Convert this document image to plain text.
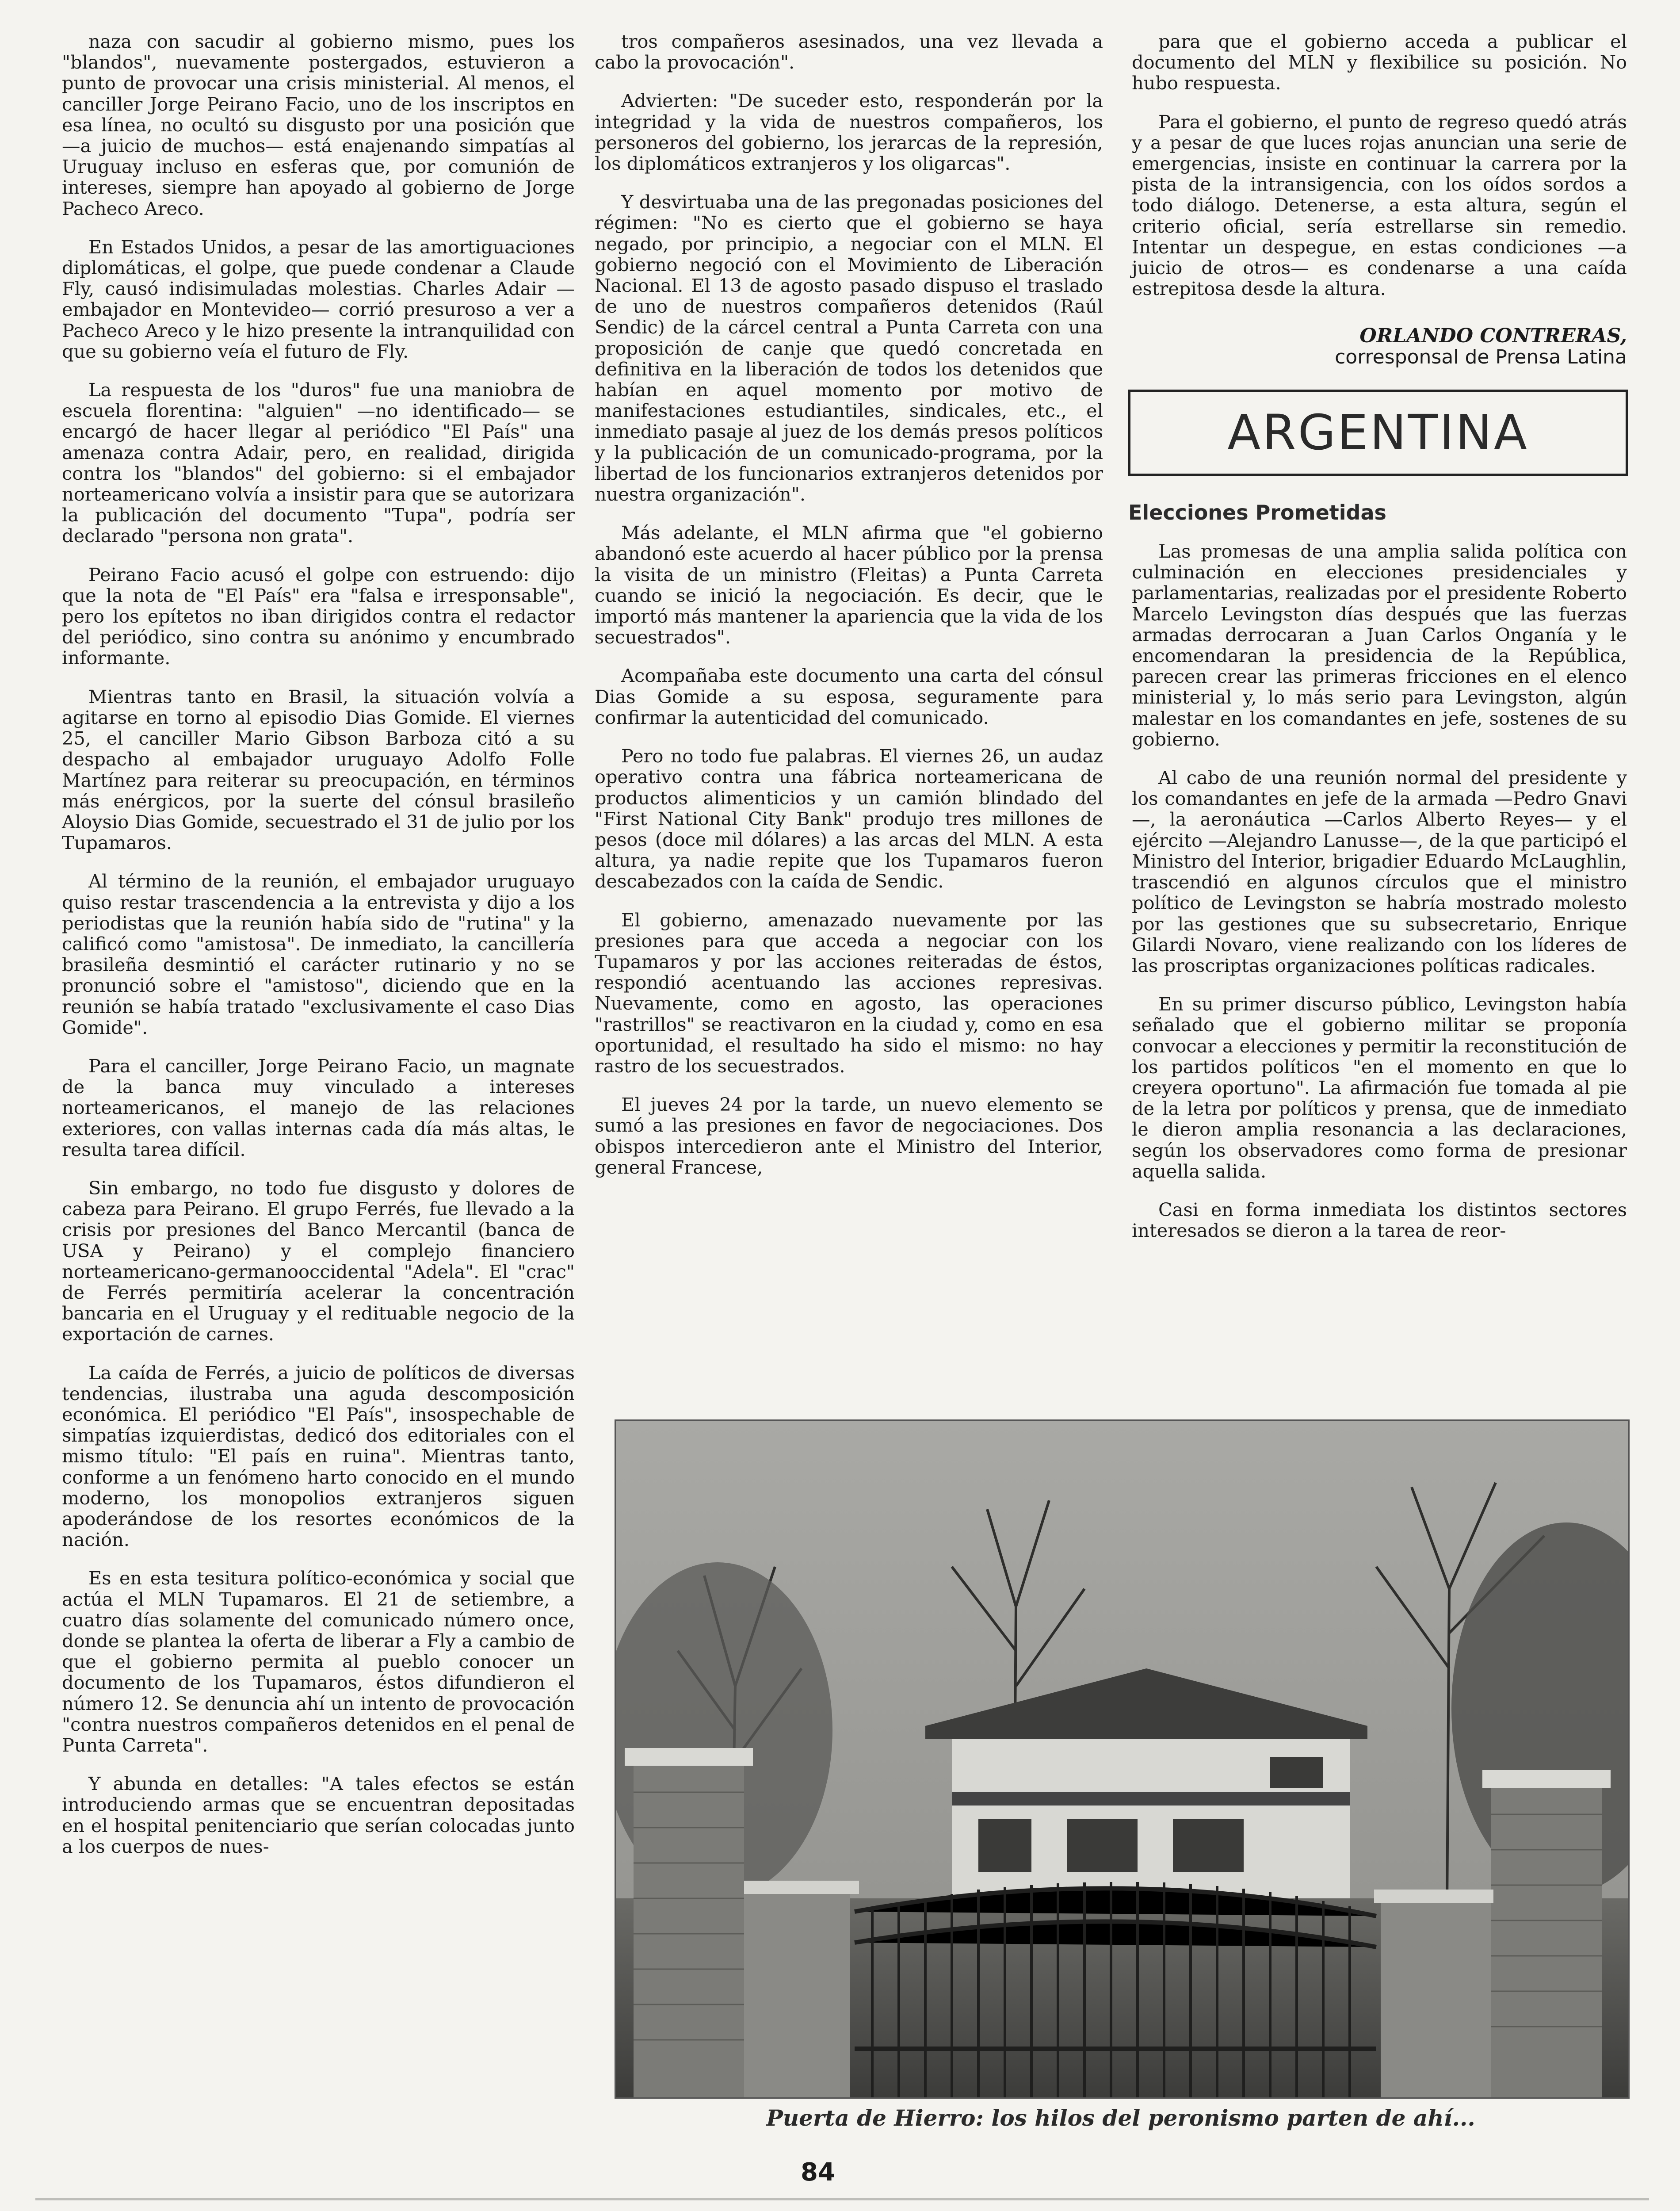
naza con sacudir al gobierno mismo, pues los "blandos", nuevamente postergados, estuvieron a punto de provocar una crisis ministerial. Al menos, el canciller Jorge Peirano Facio, uno de los inscriptos en esa línea, no ocultó su disgusto por una posición que —a juicio de muchos— está enajenando simpatías al Uruguay incluso en esferas que, por comunión de intereses, siempre han apoyado al gobierno de Jorge Pacheco Areco.

En Estados Unidos, a pesar de las amortiguaciones diplomáticas, el golpe, que puede condenar a Claude Fly, causó indisimuladas molestias. Charles Adair —embajador en Montevideo— corrió presuroso a ver a Pacheco Areco y le hizo presente la intranquilidad con que su gobierno veía el futuro de Fly.

La respuesta de los "duros" fue una maniobra de escuela florentina: "alguien" —no identificado— se encargó de hacer llegar al periódico "El País" una amenaza contra Adair, pero, en realidad, dirigida contra los "blandos" del gobierno: si el embajador norteamericano volvía a insistir para que se autorizara la publicación del documento "Tupa", podría ser declarado "persona non grata".

Peirano Facio acusó el golpe con estruendo: dijo que la nota de "El País" era "falsa e irresponsable", pero los epítetos no iban dirigidos contra el redactor del periódico, sino contra su anónimo y encumbrado informante.

Mientras tanto en Brasil, la situación volvía a agitarse en torno al episodio Dias Gomide. El viernes 25, el canciller Mario Gibson Barboza citó a su despacho al embajador uruguayo Adolfo Folle Martínez para reiterar su preocupación, en términos más enérgicos, por la suerte del cónsul brasileño Aloysio Dias Gomide, secuestrado el 31 de julio por los Tupamaros.

Al término de la reunión, el embajador uruguayo quiso restar trascendencia a la entrevista y dijo a los periodistas que la reunión había sido de "rutina" y la calificó como "amistosa". De inmediato, la cancillería brasileña desmintió el carácter rutinario y no se pronunció sobre el "amistoso", diciendo que en la reunión se había tratado "exclusivamente el caso Dias Gomide".

Para el canciller, Jorge Peirano Facio, un magnate de la banca muy vinculado a intereses norteamericanos, el manejo de las relaciones exteriores, con vallas internas cada día más altas, le resulta tarea difícil.

Sin embargo, no todo fue disgusto y dolores de cabeza para Peirano. El grupo Ferrés, fue llevado a la crisis por presiones del Banco Mercantil (banca de USA y Peirano) y el complejo financiero norteamericano-germanooccidental "Adela". El "crac" de Ferrés permitiría acelerar la concentración bancaria en el Uruguay y el redituable negocio de la exportación de carnes.

La caída de Ferrés, a juicio de políticos de diversas tendencias, ilustraba una aguda descomposición económica. El periódico "El País", insospechable de simpatías izquierdistas, dedicó dos editoriales con el mismo título: "El país en ruina". Mientras tanto, conforme a un fenómeno harto conocido en el mundo moderno, los monopolios extranjeros siguen apoderándose de los resortes económicos de la nación.

Es en esta tesitura político-económica y social que actúa el MLN Tupamaros. El 21 de setiembre, a cuatro días solamente del comunicado número once, donde se plantea la oferta de liberar a Fly a cambio de que el gobierno permita al pueblo conocer un documento de los Tupamaros, éstos difundieron el número 12. Se denuncia ahí un intento de provocación "contra nuestros compañeros detenidos en el penal de Punta Carreta".

Y abunda en detalles: "A tales efectos se están introduciendo armas que se encuentran depositadas en el hospital penitenciario que serían colocadas junto a los cuerpos de nues-

tros compañeros asesinados, una vez llevada a cabo la provocación".

Advierten: "De suceder esto, responderán por la integridad y la vida de nuestros compañeros, los personeros del gobierno, los jerarcas de la represión, los diplomáticos extranjeros y los oligarcas".

Y desvirtuaba una de las pregonadas posiciones del régimen: "No es cierto que el gobierno se haya negado, por principio, a negociar con el MLN. El gobierno negoció con el Movimiento de Liberación Nacional. El 13 de agosto pasado dispuso el traslado de uno de nuestros compañeros detenidos (Raúl Sendic) de la cárcel central a Punta Carreta con una proposición de canje que quedó concretada en definitiva en la liberación de todos los detenidos que habían en aquel momento por motivo de manifestaciones estudiantiles, sindicales, etc., el inmediato pasaje al juez de los demás presos políticos y la publicación de un comunicado-programa, por la libertad de los funcionarios extranjeros detenidos por nuestra organización".

Más adelante, el MLN afirma que "el gobierno abandonó este acuerdo al hacer público por la prensa la visita de un ministro (Fleitas) a Punta Carreta cuando se inició la negociación. Es decir, que le importó más mantener la apariencia que la vida de los secuestrados".

Acompañaba este documento una carta del cónsul Dias Gomide a su esposa, seguramente para confirmar la autenticidad del comunicado.

Pero no todo fue palabras. El viernes 26, un audaz operativo contra una fábrica norteamericana de productos alimenticios y un camión blindado del "First National City Bank" produjo tres millones de pesos (doce mil dólares) a las arcas del MLN. A esta altura, ya nadie repite que los Tupamaros fueron descabezados con la caída de Sendic.

El gobierno, amenazado nuevamente por las presiones para que acceda a negociar con los Tupamaros y por las acciones reiteradas de éstos, respondió acentuando las acciones represivas. Nuevamente, como en agosto, las operaciones "rastrillos" se reactivaron en la ciudad y, como en esa oportunidad, el resultado ha sido el mismo: no hay rastro de los secuestrados.

El jueves 24 por la tarde, un nuevo elemento se sumó a las presiones en favor de negociaciones. Dos obispos intercedieron ante el Ministro del Interior, general Francese,

para que el gobierno acceda a publicar el documento del MLN y flexibilice su posición. No hubo respuesta.

Para el gobierno, el punto de regreso quedó atrás y a pesar de que luces rojas anuncian una serie de emergencias, insiste en continuar la carrera por la pista de la intransigencia, con los oídos sordos a todo diálogo. Detenerse, a esta altura, según el criterio oficial, sería estrellarse sin remedio. Intentar un despegue, en estas condiciones —a juicio de otros— es condenarse a una caída estrepitosa desde la altura.

ORLANDO CONTRERAS,
corresponsal de Prensa Latina
ARGENTINA
Elecciones Prometidas

Las promesas de una amplia salida política con culminación en elecciones presidenciales y parlamentarias, realizadas por el presidente Roberto Marcelo Levingston días después que las fuerzas armadas derrocaran a Juan Carlos Onganía y le encomendaran la presidencia de la República, parecen crear las primeras fricciones en el elenco ministerial y, lo más serio para Levingston, algún malestar en los comandantes en jefe, sostenes de su gobierno.

Al cabo de una reunión normal del presidente y los comandantes en jefe de la armada —Pedro Gnavi—, la aeronáutica —Carlos Alberto Reyes— y el ejército —Alejandro Lanusse—, de la que participó el Ministro del Interior, brigadier Eduardo McLaughlin, trascendió en algunos círculos que el ministro político de Levingston se habría mostrado molesto por las gestiones que su subsecretario, Enrique Gilardi Novaro, viene realizando con los líderes de las proscriptas organizaciones políticas radicales.

En su primer discurso público, Levingston había señalado que el gobierno militar se proponía convocar a elecciones y permitir la reconstitución de los partidos políticos "en el momento en que lo creyera oportuno". La afirmación fue tomada al pie de la letra por políticos y prensa, que de inmediato le dieron amplia resonancia a las declaraciones, según los observadores como forma de presionar aquella salida.

Casi en forma inmediata los distintos sectores interesados se dieron a la tarea de reor-

Puerta de Hierro: los hilos del peronismo parten de ahí...
84
